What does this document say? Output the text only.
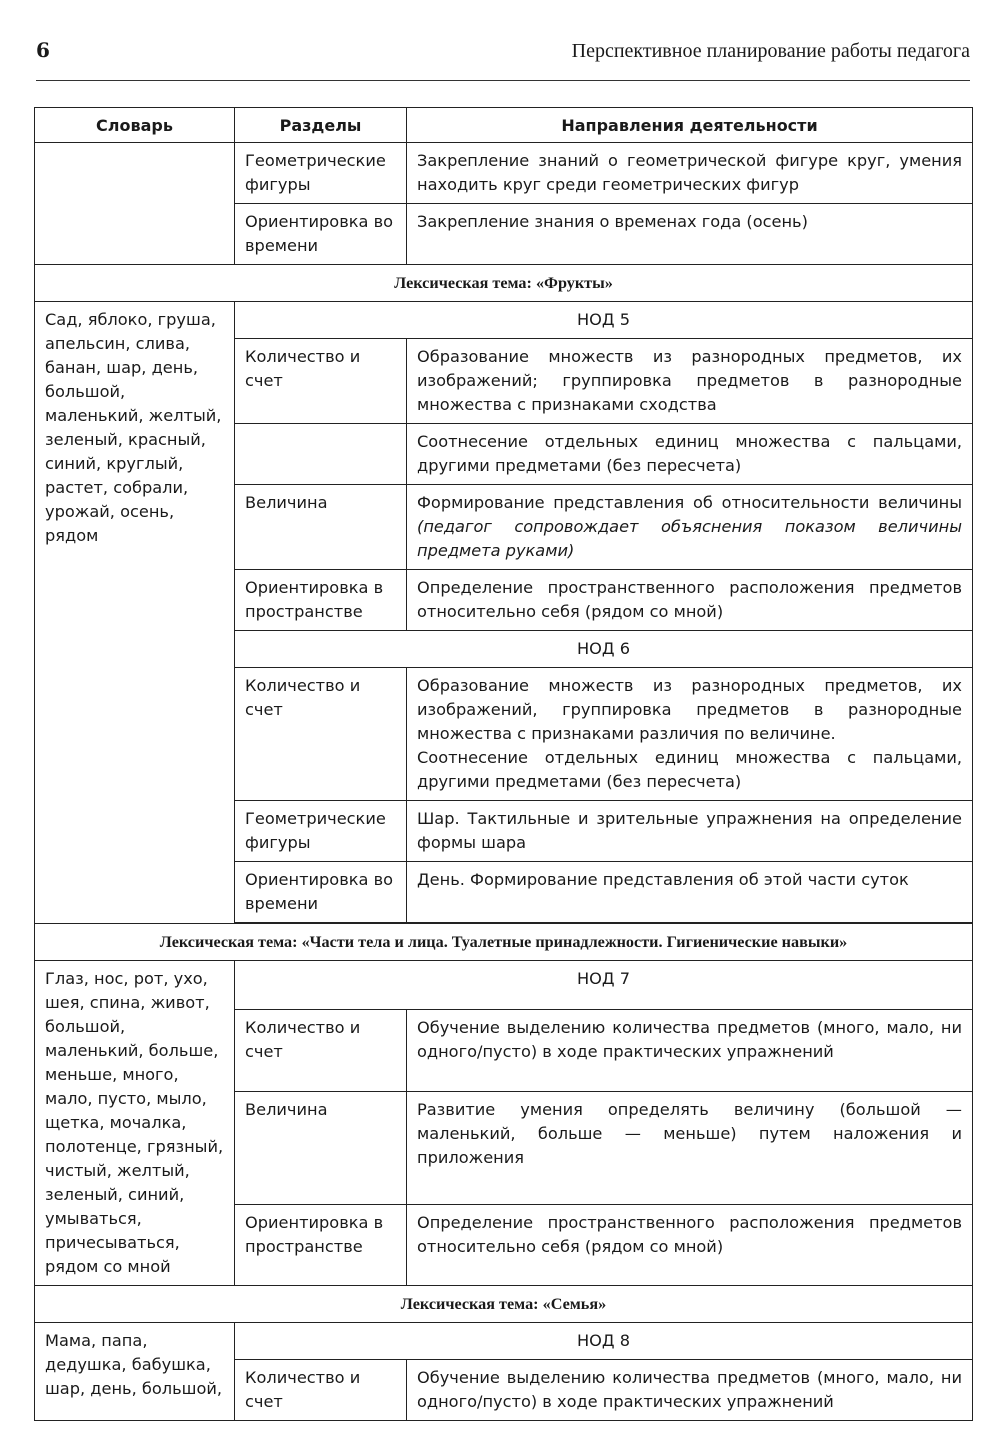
6	Перспективное планирование работы педагога
Словарь	Разделы	Направления деятельности
	Геометрические фигуры	Закрепление знаний о геометрической фигуре круг, умения находить круг среди геометрических фигур
	Ориентировка во времени	Закрепление знания о временах года (осень)
Лексическая тема: «Фрукты»		
Сад, яблоко, груша, апельсин, слива, банан, шар, день, большой, маленький, желтый, зеленый, красный, синий, круглый, растет, собрали, урожай, осень, рядом	НОД 5	
	Количество и счет	Образование множеств из разнородных предметов, их изображений; группировка предметов в разнородные множества с признаками сходства
		Соотнесение отдельных единиц множества с пальцами, другими предметами (без пересчета)
	Величина	Формирование представления об относительности величины (педагог сопровождает объяснения показом величины предмета руками)
	Ориентировка в пространстве	Определение пространственного расположения предметов относительно себя (рядом со мной)
	НОД 6	
	Количество и счет	Образование множеств из разнородных предметов, их изображений, группировка предметов в разнородные множества с признаками различия по величине.
Соотнесение отдельных единиц множества с пальцами, другими предметами (без пересчета)

	Геометрические фигуры	Шар. Тактильные и зрительные упражнения на определение формы шара
	Ориентировка во времени	День. Формирование представления об этой части суток

Лексическая тема: «Части тела и лица. Туалетные принадлежности. Гигиенические навыки»		
Глаз, нос, рот, ухо, шея, спина, живот, большой, маленький, больше, меньше, много, мало, пусто, мыло, щетка, мочалка, полотенце, грязный, чистый, желтый, зеленый, синий, умываться, причесываться, рядом со мной	НОД 7	
	Количество и счет	Обучение выделению количества предметов (много, мало, ни одного/пусто) в ходе практических упражнений
	Величина	Развитие умения определять величину (большой — маленький, больше — меньше) путем наложения и приложения
	Ориентировка в пространстве	Определение пространственного расположения предметов относительно себя (рядом со мной)
Лексическая тема: «Семья»		
Мама, папа, дедушка, бабушка, шар, день, большой,	НОД 8	
	Количество и счет	Обучение выделению количества предметов (много, мало, ни одного/пусто) в ходе практических упражнений
